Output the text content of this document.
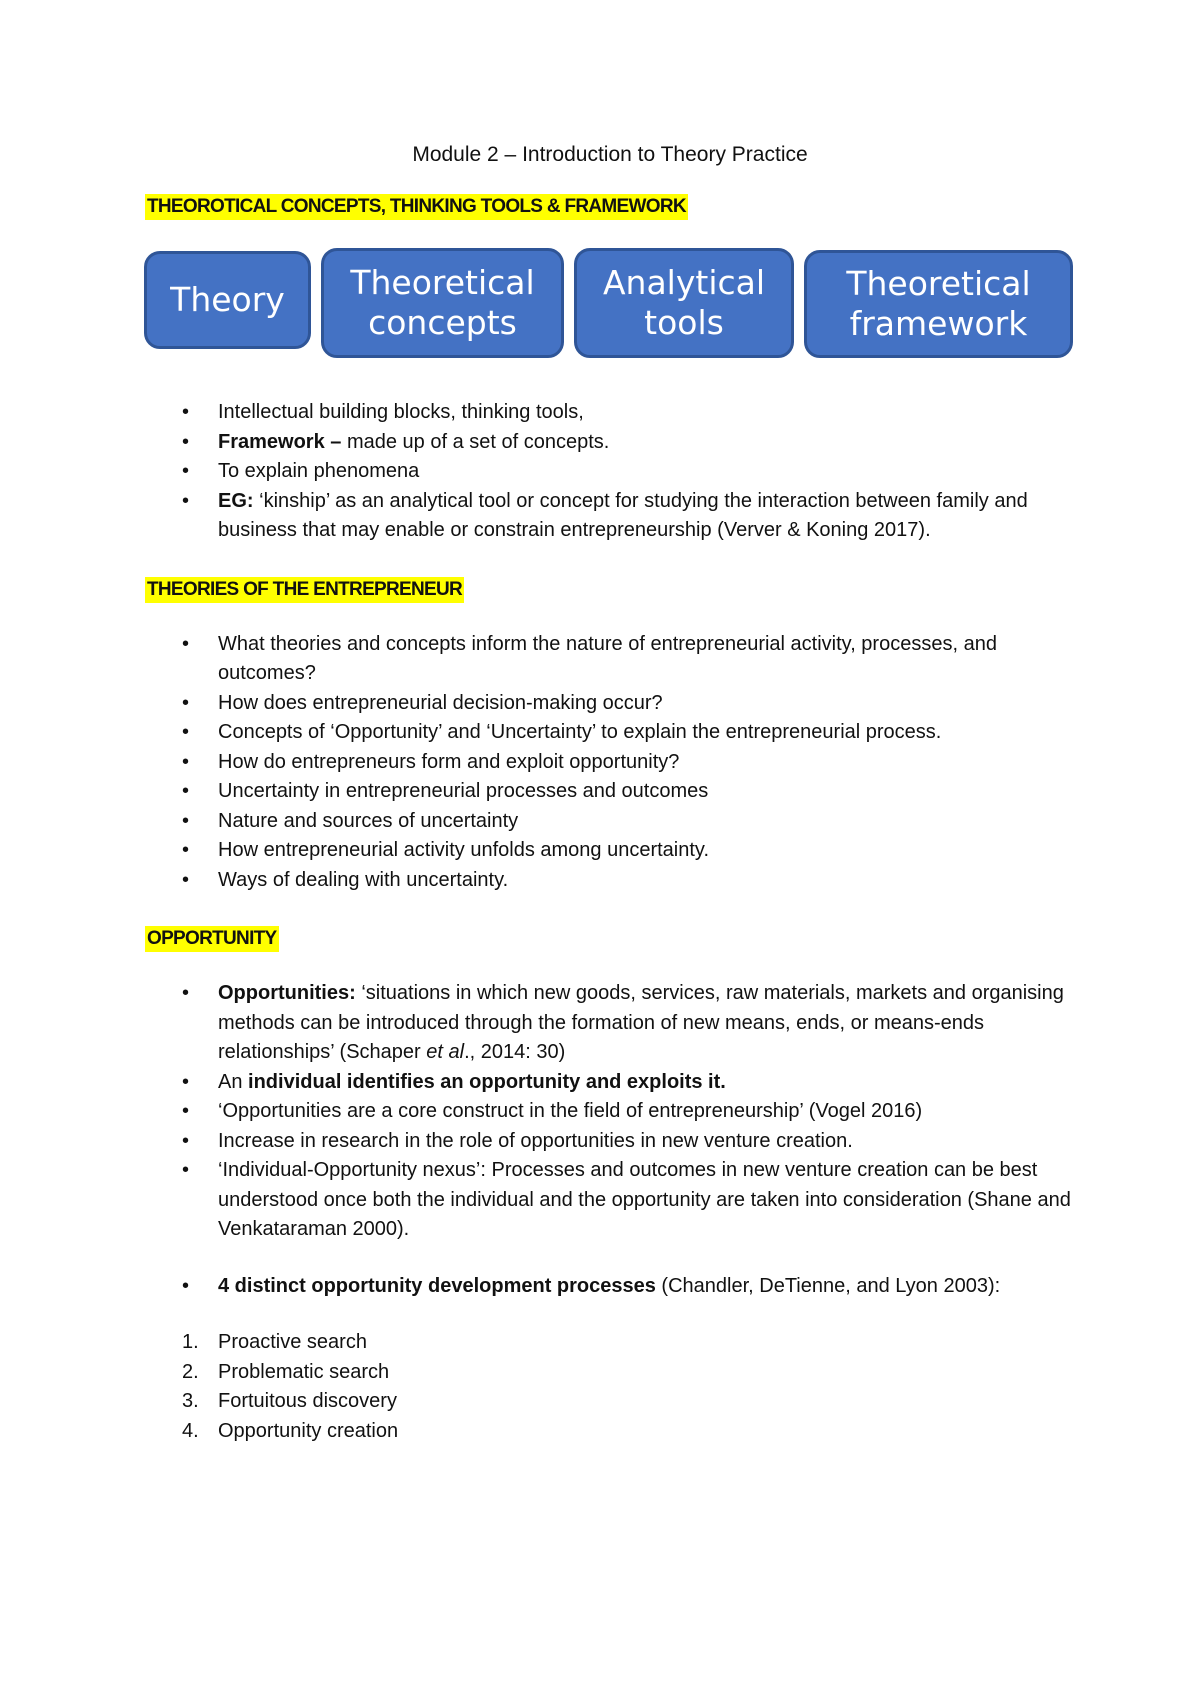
Module 2 – Introduction to Theory Practice
THEOROTICAL CONCEPTS, THINKING TOOLS & FRAMEWORK
Theory Theoretical
concepts
Analytical
tools
Theoretical
framework
• Intellectual building blocks, thinking tools,
• Framework – made up of a set of concepts.
• To explain phenomena
• EG: ‘kinship’ as an analytical tool or concept for studying the interaction between family and business that may enable or constrain entrepreneurship (Verver & Koning 2017).
THEORIES OF THE ENTREPRENEUR
• What theories and concepts inform the nature of entrepreneurial activity, processes, and outcomes?
• How does entrepreneurial decision-making occur?
• Concepts of ‘Opportunity’ and ‘Uncertainty’ to explain the entrepreneurial process.
• How do entrepreneurs form and exploit opportunity?
• Uncertainty in entrepreneurial processes and outcomes
• Nature and sources of uncertainty
• How entrepreneurial activity unfolds among uncertainty.
• Ways of dealing with uncertainty.
OPPORTUNITY
• Opportunities: ‘situations in which new goods, services, raw materials, markets and organising methods can be introduced through the formation of new means, ends, or means-ends relationships’ (Schaper et al., 2014: 30)
• An individual identifies an opportunity and exploits it.
• ‘Opportunities are a core construct in the field of entrepreneurship’ (Vogel 2016)
• Increase in research in the role of opportunities in new venture creation.
• ‘Individual-Opportunity nexus’: Processes and outcomes in new venture creation can be best understood once both the individual and the opportunity are taken into consideration (Shane and Venkataraman 2000).
• 4 distinct opportunity development processes (Chandler, DeTienne, and Lyon 2003):
1. Proactive search
2. Problematic search
3. Fortuitous discovery
4. Opportunity creation
